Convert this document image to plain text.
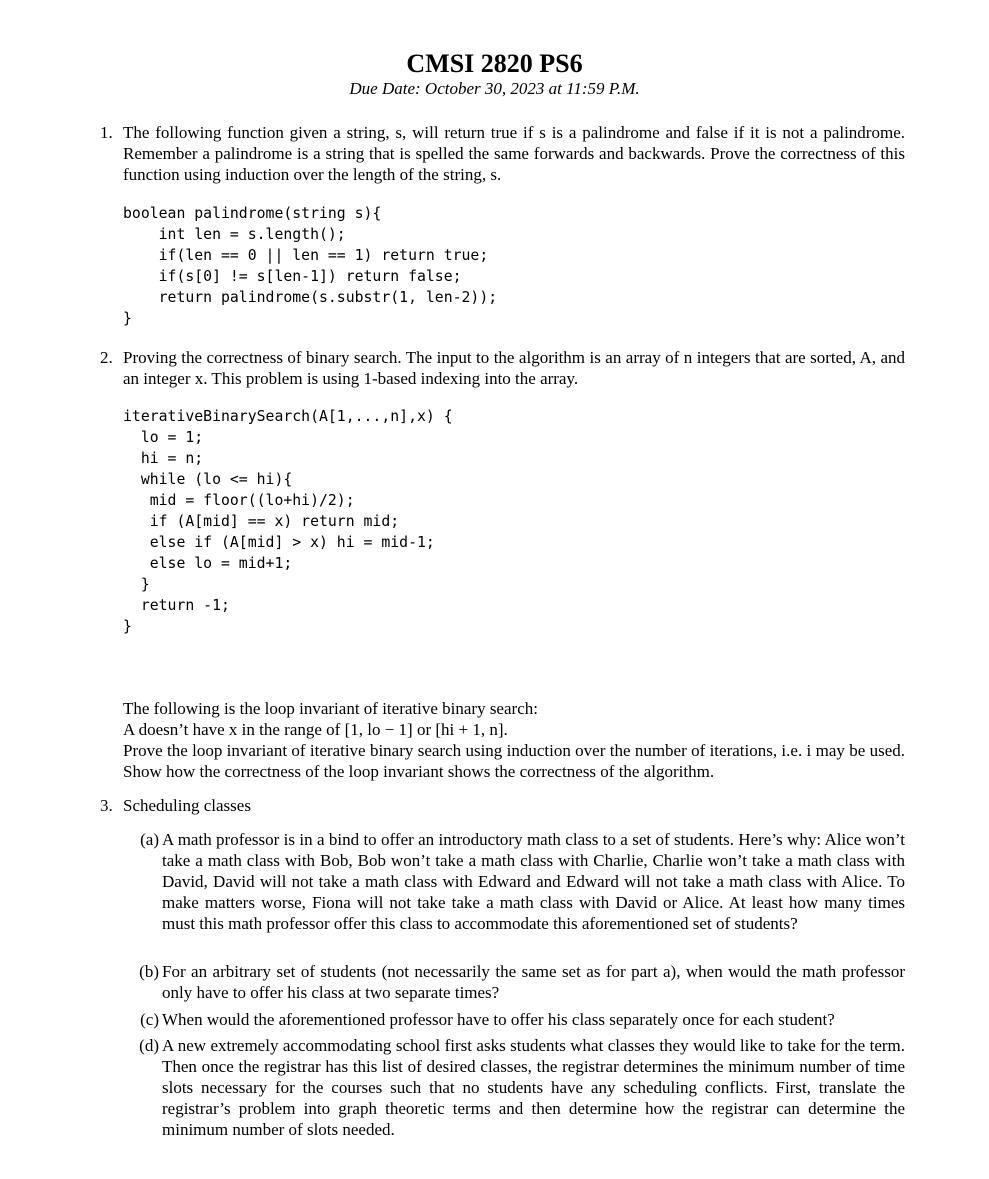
CMSI 2820 PS6
Due Date: October 30, 2023 at 11:59 P.M.
1. The following function given a string, s, will return true if s is a palindrome and false if it is not a palindrome. Remember a palindrome is a string that is spelled the same forwards and backwards. Prove the correctness of this function using induction over the length of the string, s.
boolean palindrome(string s){
int len = s.length();
if(len == 0 || len == 1) return true;
if(s[0] != s[len-1]) return false;
return palindrome(s.substr(1, len-2));
}
2. Proving the correctness of binary search. The input to the algorithm is an array of n integers that are sorted, A, and an integer x. This problem is using 1-based indexing into the array.
iterativeBinarySearch(A[1,...,n],x) {
lo = 1;
hi = n;
while (lo <= hi){
mid = floor((lo+hi)/2);
if (A[mid] == x) return mid;
else if (A[mid] > x) hi = mid-1;
else lo = mid+1;
}
return -1;
}
The following is the loop invariant of iterative binary search:
A doesn’t have x in the range of [1, lo − 1] or [hi + 1, n].
Prove the loop invariant of iterative binary search using induction over the number of iterations, i.e. i may be used. Show how the correctness of the loop invariant shows the correctness of the algorithm.
3. Scheduling classes
(a) A math professor is in a bind to offer an introductory math class to a set of students. Here’s why: Alice won’t take a math class with Bob, Bob won’t take a math class with Charlie, Charlie won’t take a math class with David, David will not take a math class with Edward and Edward will not take a math class with Alice. To make matters worse, Fiona will not take take a math class with David or Alice. At least how many times must this math professor offer this class to accommodate this aforementioned set of students?
(b) For an arbitrary set of students (not necessarily the same set as for part a), when would the math professor only have to offer his class at two separate times?
(c) When would the aforementioned professor have to offer his class separately once for each student?
(d) A new extremely accommodating school first asks students what classes they would like to take for the term. Then once the registrar has this list of desired classes, the registrar determines the minimum number of time slots necessary for the courses such that no students have any scheduling conflicts. First, translate the registrar’s problem into graph theoretic terms and then determine how the registrar can determine the minimum number of slots needed.
